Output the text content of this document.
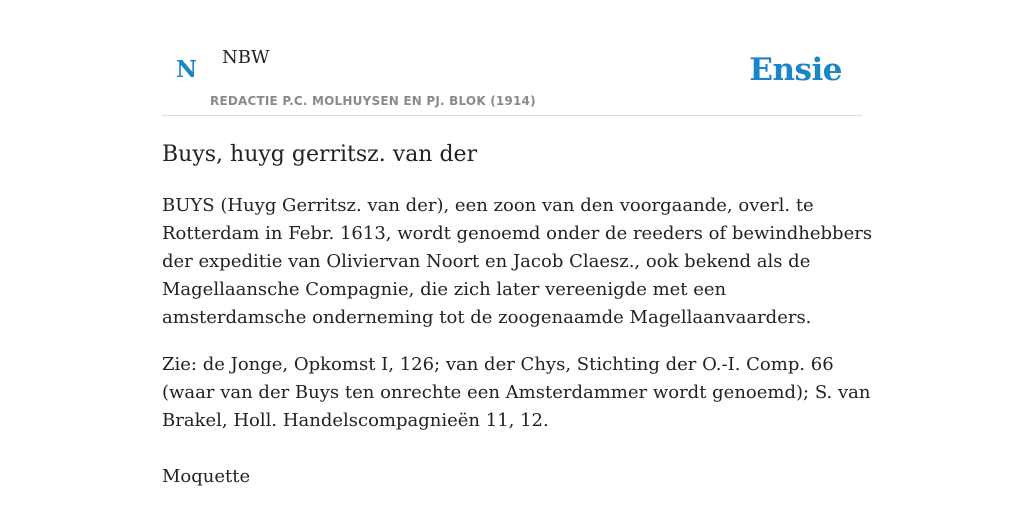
N NBW
REDACTIE P.C. MOLHUYSEN EN PJ. BLOK (1914)
Ensie
Buys, huyg gerritsz. van der

BUYS (Huyg Gerritsz. van der), een zoon van den voorgaande, overl. te Rotterdam in Febr. 1613, wordt genoemd onder de reeders of bewindhebbers der expeditie van Oliviervan Noort en Jacob Claesz., ook bekend als de Magellaansche Compagnie, die zich later vereenigde met een amsterdamsche onderneming tot de zoogenaamde Magellaanvaarders.

Zie: de Jonge, Opkomst I, 126; van der Chys, Stichting der O.-I. Comp. 66 (waar van der Buys ten onrechte een Amsterdammer wordt genoemd); S. van Brakel, Holl. Handelscompagnieën 11, 12.

Moquette
